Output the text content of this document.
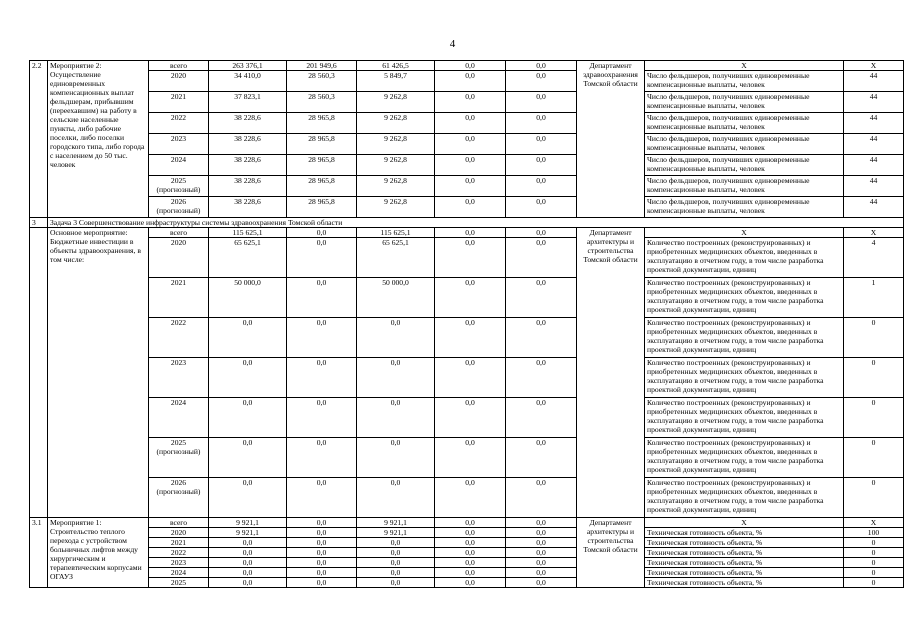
4
2.2	Мероприятие 2: Осуществление единовременных компенсационных выплат фельдшерам, прибывшим (переехавшим) на работу в сельские населенные пункты, либо рабочие поселки, либо поселки городского типа, либо города с населением до 50 тыс. человек	всего	263 376,1	201 949,6	61 426,5	0,0	0,0	Департамент здравоохранения Томской области	Х	Х
		2020	34 410,0	28 560,3	5 849,7	0,0	0,0		Число фельдшеров, получивших единовременные компенсационные выплаты, человек	44
		2021	37 823,1	28 560,3	9 262,8	0,0	0,0		Число фельдшеров, получивших единовременные компенсационные выплаты, человек	44
		2022	38 228,6	28 965,8	9 262,8	0,0	0,0		Число фельдшеров, получивших единовременные компенсационные выплаты, человек	44
		2023	38 228,6	28 965,8	9 262,8	0,0	0,0		Число фельдшеров, получивших единовременные компенсационные выплаты, человек	44
		2024	38 228,6	28 965,8	9 262,8	0,0	0,0		Число фельдшеров, получивших единовременные компенсационные выплаты, человек	44
		2025 (прогнозный)	38 228,6	28 965,8	9 262,8	0,0	0,0		Число фельдшеров, получивших единовременные компенсационные выплаты, человек	44
		2026 (прогнозный)	38 228,6	28 965,8	9 262,8	0,0	0,0		Число фельдшеров, получивших единовременные компенсационные выплаты, человек	44
3	Задача 3 Совершенствование инфраструктуры системы здравоохранения Томской области									
	Основное мероприятие: Бюджетные инвестиции в объекты здравоохранения, в том числе:	всего	115 625,1	0,0	115 625,1	0,0	0,0	Департамент архитектуры и строительства Томской области	Х	Х
		2020	65 625,1	0,0	65 625,1	0,0	0,0		Количество построенных (реконструированных) и приобретенных медицинских объектов, введенных в эксплуатацию в отчетном году, в том числе разработка проектной документации, единиц	4
		2021	50 000,0	0,0	50 000,0	0,0	0,0		Количество построенных (реконструированных) и приобретенных медицинских объектов, введенных в эксплуатацию в отчетном году, в том числе разработка проектной документации, единиц	1
		2022	0,0	0,0	0,0	0,0	0,0		Количество построенных (реконструированных) и приобретенных медицинских объектов, введенных в эксплуатацию в отчетном году, в том числе разработка проектной документации, единиц	0
		2023	0,0	0,0	0,0	0,0	0,0		Количество построенных (реконструированных) и приобретенных медицинских объектов, введенных в эксплуатацию в отчетном году, в том числе разработка проектной документации, единиц	0
		2024	0,0	0,0	0,0	0,0	0,0		Количество построенных (реконструированных) и приобретенных медицинских объектов, введенных в эксплуатацию в отчетном году, в том числе разработка проектной документации, единиц	0
		2025 (прогнозный)	0,0	0,0	0,0	0,0	0,0		Количество построенных (реконструированных) и приобретенных медицинских объектов, введенных в эксплуатацию в отчетном году, в том числе разработка проектной документации, единиц	0
		2026 (прогнозный)	0,0	0,0	0,0	0,0	0,0		Количество построенных (реконструированных) и приобретенных медицинских объектов, введенных в эксплуатацию в отчетном году, в том числе разработка проектной документации, единиц	0
3.1	Мероприятие 1: Строительство теплого перехода с устройством больничных лифтов между хирургическим и терапевтическим корпусами ОГАУЗ	всего	9 921,1	0,0	9 921,1	0,0	0,0	Департамент архитектуры и строительства Томской области	Х	Х
		2020	9 921,1	0,0	9 921,1	0,0	0,0		Техническая готовность объекта, %	100
		2021	0,0	0,0	0,0	0,0	0,0		Техническая готовность объекта, %	0
		2022	0,0	0,0	0,0	0,0	0,0		Техническая готовность объекта, %	0
		2023	0,0	0,0	0,0	0,0	0,0		Техническая готовность объекта, %	0
		2024	0,0	0,0	0,0	0,0	0,0		Техническая готовность объекта, %	0
		2025	0,0	0,0	0,0	0,0	0,0		Техническая готовность объекта, %	0
